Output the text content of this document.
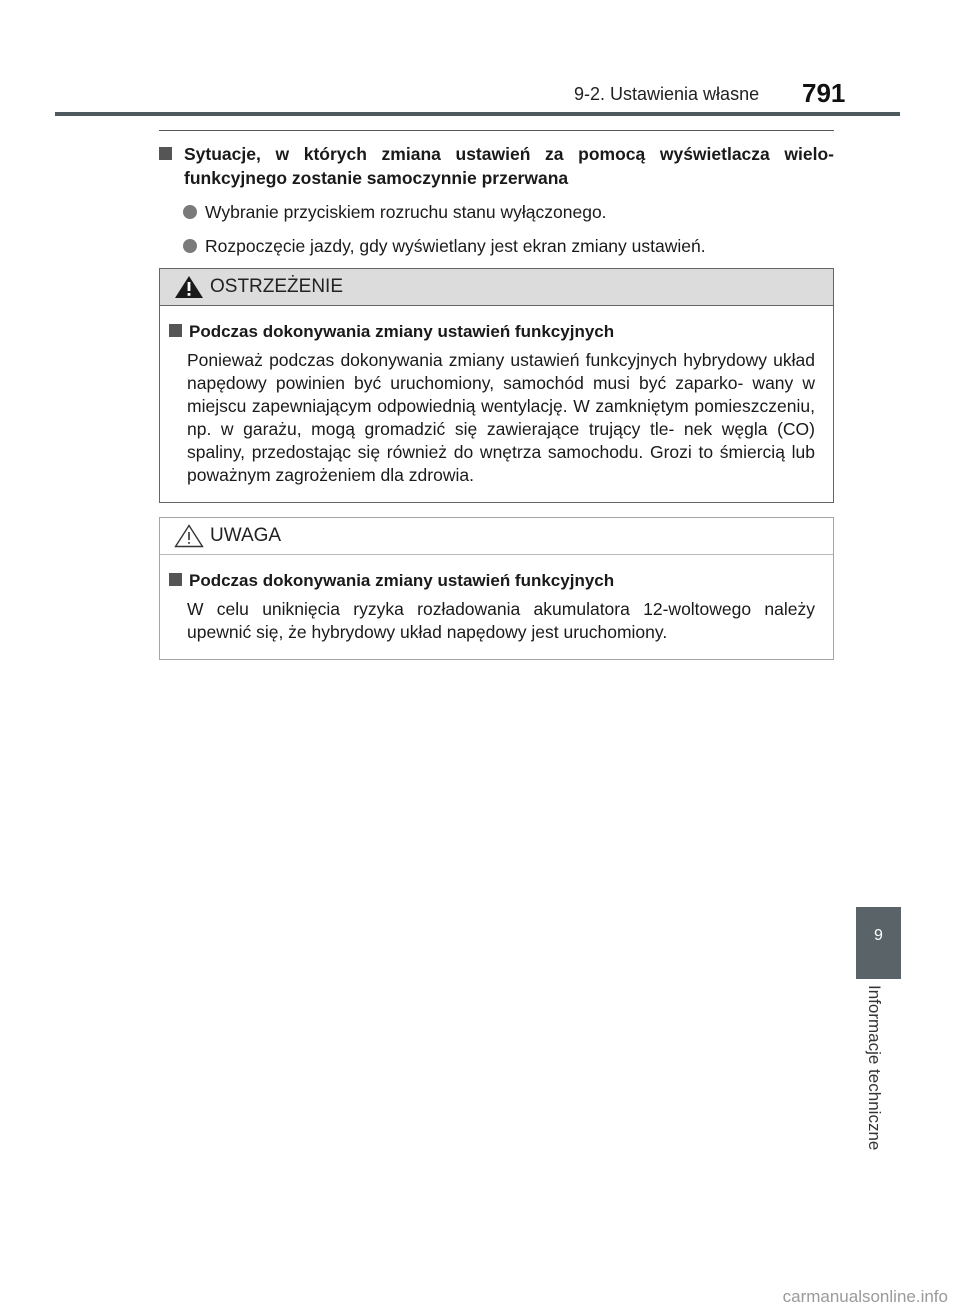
9-2. Ustawienia własne 791
Sytuacje, w których zmiana ustawień za pomocą wyświetlacza wielo- funkcyjnego zostanie samoczynnie przerwana
Wybranie przyciskiem rozruchu stanu wyłączonego.
Rozpoczęcie jazdy, gdy wyświetlany jest ekran zmiany ustawień.
OSTRZEŻENIE
Podczas dokonywania zmiany ustawień funkcyjnych
Ponieważ podczas dokonywania zmiany ustawień funkcyjnych hybrydowy układ napędowy powinien być uruchomiony, samochód musi być zaparko- wany w miejscu zapewniającym odpowiednią wentylację. W zamkniętym pomieszczeniu, np. w garażu, mogą gromadzić się zawierające trujący tle- nek węgla (CO) spaliny, przedostając się również do wnętrza samochodu. Grozi to śmiercią lub poważnym zagrożeniem dla zdrowia.
UWAGA
Podczas dokonywania zmiany ustawień funkcyjnych
W celu uniknięcia ryzyka rozładowania akumulatora 12-woltowego należy upewnić się, że hybrydowy układ napędowy jest uruchomiony.
9
Informacje techniczne
carmanualsonline.info
